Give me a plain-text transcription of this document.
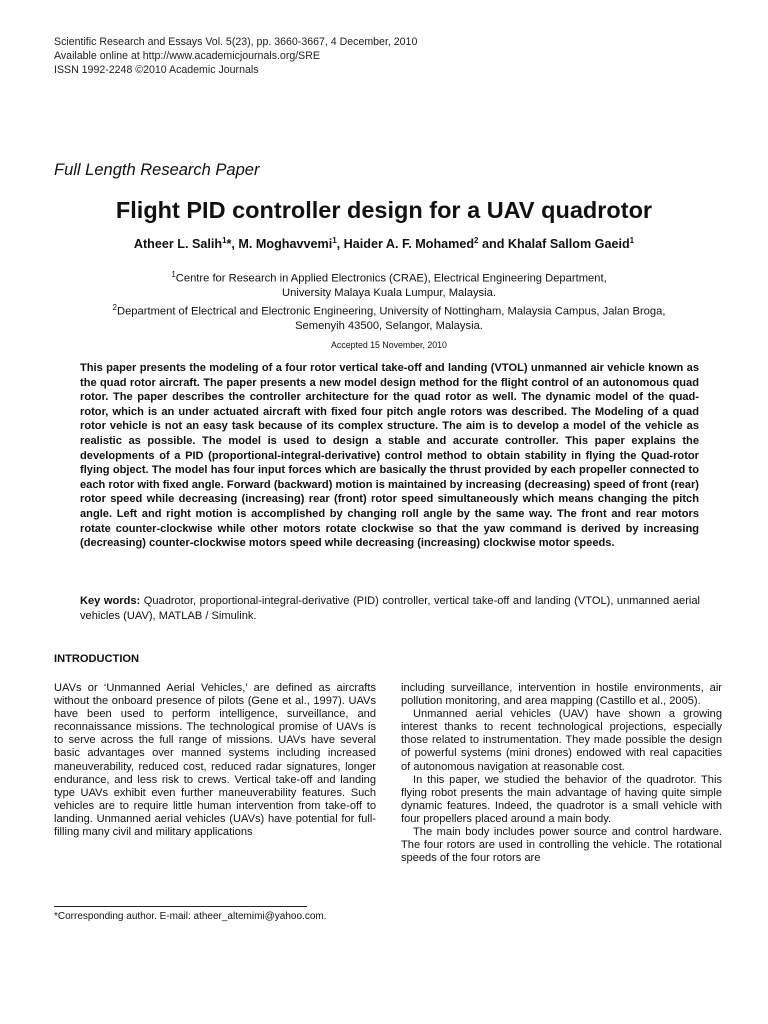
Scientific Research and Essays Vol. 5(23), pp. 3660-3667, 4 December, 2010
Available online at http://www.academicjournals.org/SRE
ISSN 1992-2248 ©2010 Academic Journals
Full Length Research Paper
Flight PID controller design for a UAV quadrotor
Atheer L. Salih$^1$*, M. Moghavvemi$^1$, Haider A. F. Mohamed$^2$ and Khalaf Sallom Gaeid$^1$
$^1$Centre for Research in Applied Electronics (CRAE), Electrical Engineering Department,
University Malaya Kuala Lumpur, Malaysia.
$^2$Department of Electrical and Electronic Engineering, University of Nottingham, Malaysia Campus, Jalan Broga,
Semenyih 43500, Selangor, Malaysia.
Accepted 15 November, 2010
This paper presents the modeling of a four rotor vertical take-off and landing (VTOL) unmanned air vehicle known as the quad rotor aircraft. The paper presents a new model design method for the flight control of an autonomous quad rotor. The paper describes the controller architecture for the quad rotor as well. The dynamic model of the quad-rotor, which is an under actuated aircraft with fixed four pitch angle rotors was described. The Modeling of a quad rotor vehicle is not an easy task because of its complex structure. The aim is to develop a model of the vehicle as realistic as possible. The model is used to design a stable and accurate controller. This paper explains the developments of a PID (proportional-integral-derivative) control method to obtain stability in flying the Quad-rotor flying object. The model has four input forces which are basically the thrust provided by each propeller connected to each rotor with fixed angle. Forward (backward) motion is maintained by increasing (decreasing) speed of front (rear) rotor speed while decreasing (increasing) rear (front) rotor speed simultaneously which means changing the pitch angle. Left and right motion is accomplished by changing roll angle by the same way. The front and rear motors rotate counter-clockwise while other motors rotate clockwise so that the yaw command is derived by increasing (decreasing) counter-clockwise motors speed while decreasing (increasing) clockwise motor speeds.
Key words: Quadrotor, proportional-integral-derivative (PID) controller, vertical take-off and landing (VTOL), unmanned aerial vehicles (UAV), MATLAB / Simulink.
INTRODUCTION

UAVs or ‘Unmanned Aerial Vehicles,’ are defined as aircrafts without the onboard presence of pilots (Gene et al., 1997). UAVs have been used to perform intelligence, surveillance, and reconnaissance missions. The technological promise of UAVs is to serve across the full range of missions. UAVs have several basic advantages over manned systems including increased maneuverability, reduced cost, reduced radar signatures, longer endurance, and less risk to crews. Vertical take-off and landing type UAVs exhibit even further maneuverability features. Such vehicles are to require little human intervention from take-off to landing. Unmanned aerial vehicles (UAVs) have potential for full-filling many civil and military applications

including surveillance, intervention in hostile environments, air pollution monitoring, and area mapping (Castillo et al., 2005).

Unmanned aerial vehicles (UAV) have shown a growing interest thanks to recent technological projections, especially those related to instrumentation. They made possible the design of powerful systems (mini drones) endowed with real capacities of autonomous navigation at reasonable cost.

In this paper, we studied the behavior of the quadrotor. This flying robot presents the main advantage of having quite simple dynamic features. Indeed, the quadrotor is a small vehicle with four propellers placed around a main body.

The main body includes power source and control hardware. The four rotors are used in controlling the vehicle. The rotational speeds of the four rotors are

*Corresponding author. E-mail: atheer_altemimi@yahoo.com.
